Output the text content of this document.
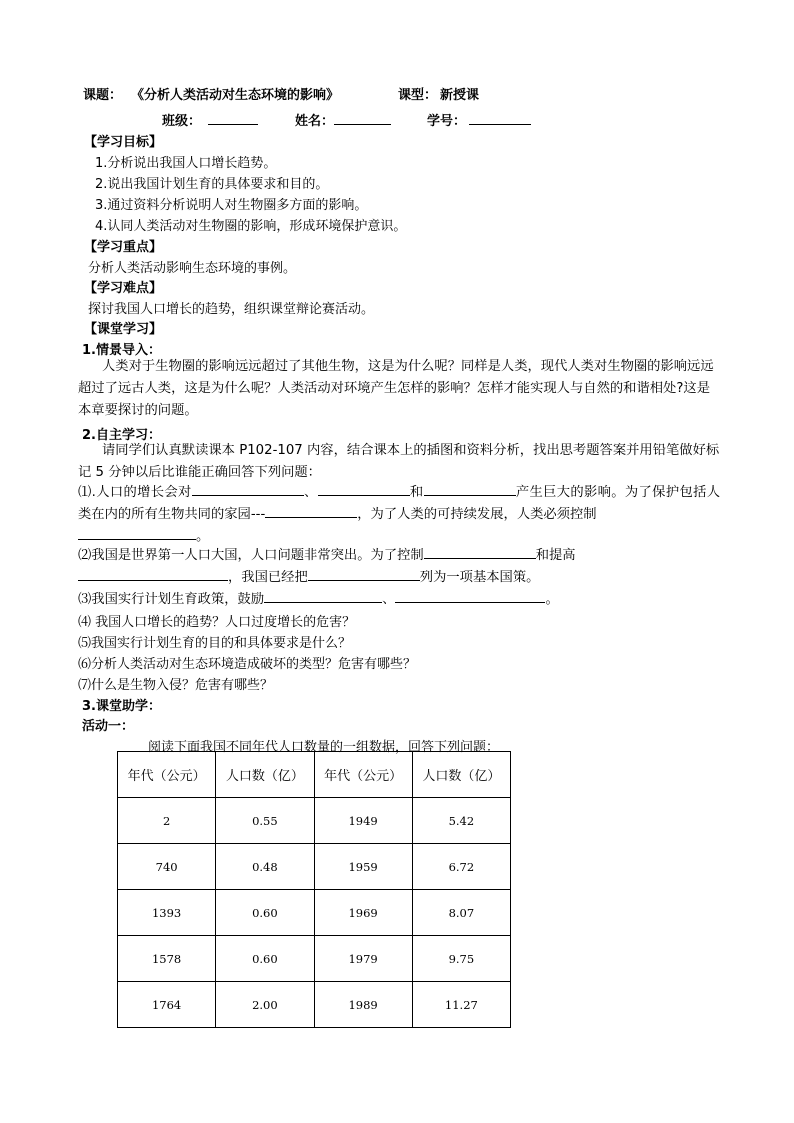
课题： 《分析人类活动对生态环境的影响》	课型： 新授课
班级：	姓名：	学号：
【学习目标】
1.分析说出我国人口增长趋势。
2.说出我国计划生育的具体要求和目的。
3.通过资料分析说明人对生物圈多方面的影响。
4.认同人类活动对生物圈的影响，形成环境保护意识。
【学习重点】
分析人类活动影响生态环境的事例。
【学习难点】
探讨我国人口增长的趋势，组织课堂辩论赛活动。
【课堂学习】
1.情景导入：
人类对于生物圈的影响远远超过了其他生物，这是为什么呢？同样是人类，现代人类对生物圈的影响远远超过了远古人类，这是为什么呢？人类活动对环境产生怎样的影响？怎样才能实现人与自然的和谐相处?这是本章要探讨的问题。
2.自主学习：
请同学们认真默读课本 P102-107 内容，结合课本上的插图和资料分析，找出思考题答案并用铅笔做好标记 5 分钟以后比谁能正确回答下列问题：
⑴.人口的增长会对	、	和	产生巨大的影响。为了保护包括人类在内的所有生物共同的家园---	，为了人类的可持续发展，人类必须控制
。
⑵我国是世界第一人口大国，人口问题非常突出。为了控制	和提高
，我国已经把	列为一项基本国策。
⑶我国实行计划生育政策，鼓励	、	。
⑷ 我国人口增长的趋势？人口过度增长的危害？
⑸我国实行计划生育的目的和具体要求是什么？
⑹分析人类活动对生态环境造成破坏的类型？危害有哪些？
⑺什么是生物入侵？危害有哪些？
3.课堂助学：
活动一：
阅读下面我国不同年代人口数量的一组数据，回答下列问题：
年代（公元）	人口数（亿）	年代（公元）	人口数（亿）
2	0.55	1949	5.42
740	0.48	1959	6.72
1393	0.60	1969	8.07
1578	0.60	1979	9.75
1764	2.00	1989	11.27
